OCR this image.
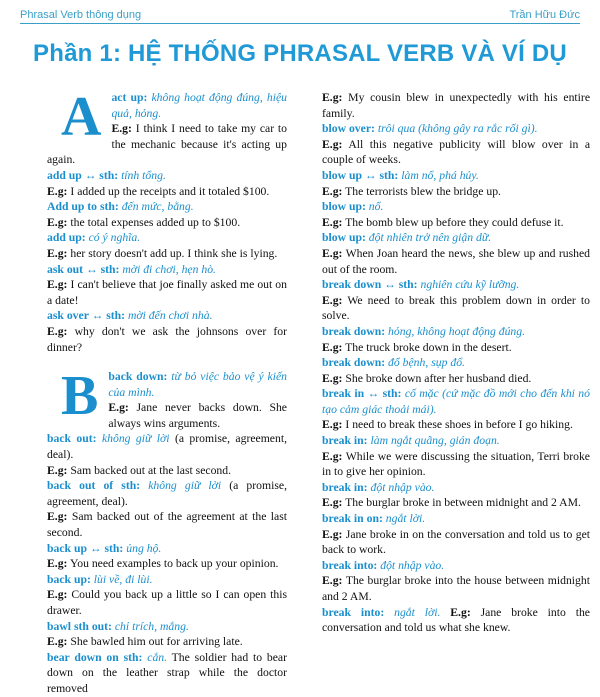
Phrasal Verb thông dụng	Trần Hữu Đức
Phần 1: HỆ THỐNG PHRASAL VERB VÀ VÍ DỤ
A act up: không hoạt động đúng, hiệu quả, hỏng.

E.g: I think I need to take my car to the mechanic because it's acting up again.

add up ↔ sth: tính tổng.

E.g: I added up the receipts and it totaled $100.

Add up to sth: đến mức, bằng.

E.g: the total expenses added up to $100.

add up: có ý nghĩa.

E.g: her story doesn't add up. I think she is lying.

ask out ↔ sth: mời đi chơi, hẹn hò.

E.g: I can't believe that joe finally asked me out on a date!

ask over ↔ sth: mời đến chơi nhà.

E.g: why don't we ask the johnsons over for dinner?

B back down: từ bỏ việc bảo vệ ý kiến của mình.

E.g: Jane never backs down. She always wins arguments.

back out: không giữ lời (a promise, agreement, deal).

E.g: Sam backed out at the last second.

back out of sth: không giữ lời (a promise, agreement, deal).

E.g: Sam backed out of the agreement at the last second.

back up ↔ sth: ủng hộ.

E.g: You need examples to back up your opinion.

back up: lùi về, đi lùi.

E.g: Could you back up a little so I can open this drawer.

bawl sth out: chỉ trích, mắng.

E.g: She bawled him out for arriving late.

bear down on sth: cắn. The soldier had to bear down on the leather strap while the doctor removed

E.g: My cousin blew in unexpectedly with his entire family.

blow over: trôi qua (không gây ra rắc rối gì).

E.g: All this negative publicity will blow over in a couple of weeks.

blow up ↔ sth: làm nổ, phá hủy.

E.g: The terrorists blew the bridge up.

blow up: nổ.

E.g: The bomb blew up before they could defuse it.

blow up: đột nhiên trở nên giận dữ.

E.g: When Joan heard the news, she blew up and rushed out of the room.

break down ↔ sth: nghiên cứu kỹ lưỡng.

E.g: We need to break this problem down in order to solve.

break down: hỏng, không hoạt động đúng.

E.g: The truck broke down in the desert.

break down: đổ bệnh, sụp đổ.

E.g: She broke down after her husband died.

break in ↔ sth: cố mặc (cứ mặc đồ mới cho đến khi nó tạo cảm giác thoải mái).

E.g: I need to break these shoes in before I go hiking.

break in: làm ngắt quãng, gián đoạn.

E.g: While we were discussing the situation, Terri broke in to give her opinion.

break in: đột nhập vào.

E.g: The burglar broke in between midnight and 2 AM.

break in on: ngắt lời.

E.g: Jane broke in on the conversation and told us to get back to work.

break into: đột nhập vào.

E.g: The burglar broke into the house between midnight and 2 AM.

break into: ngắt lời. E.g: Jane broke into the conversation and told us what she knew.
